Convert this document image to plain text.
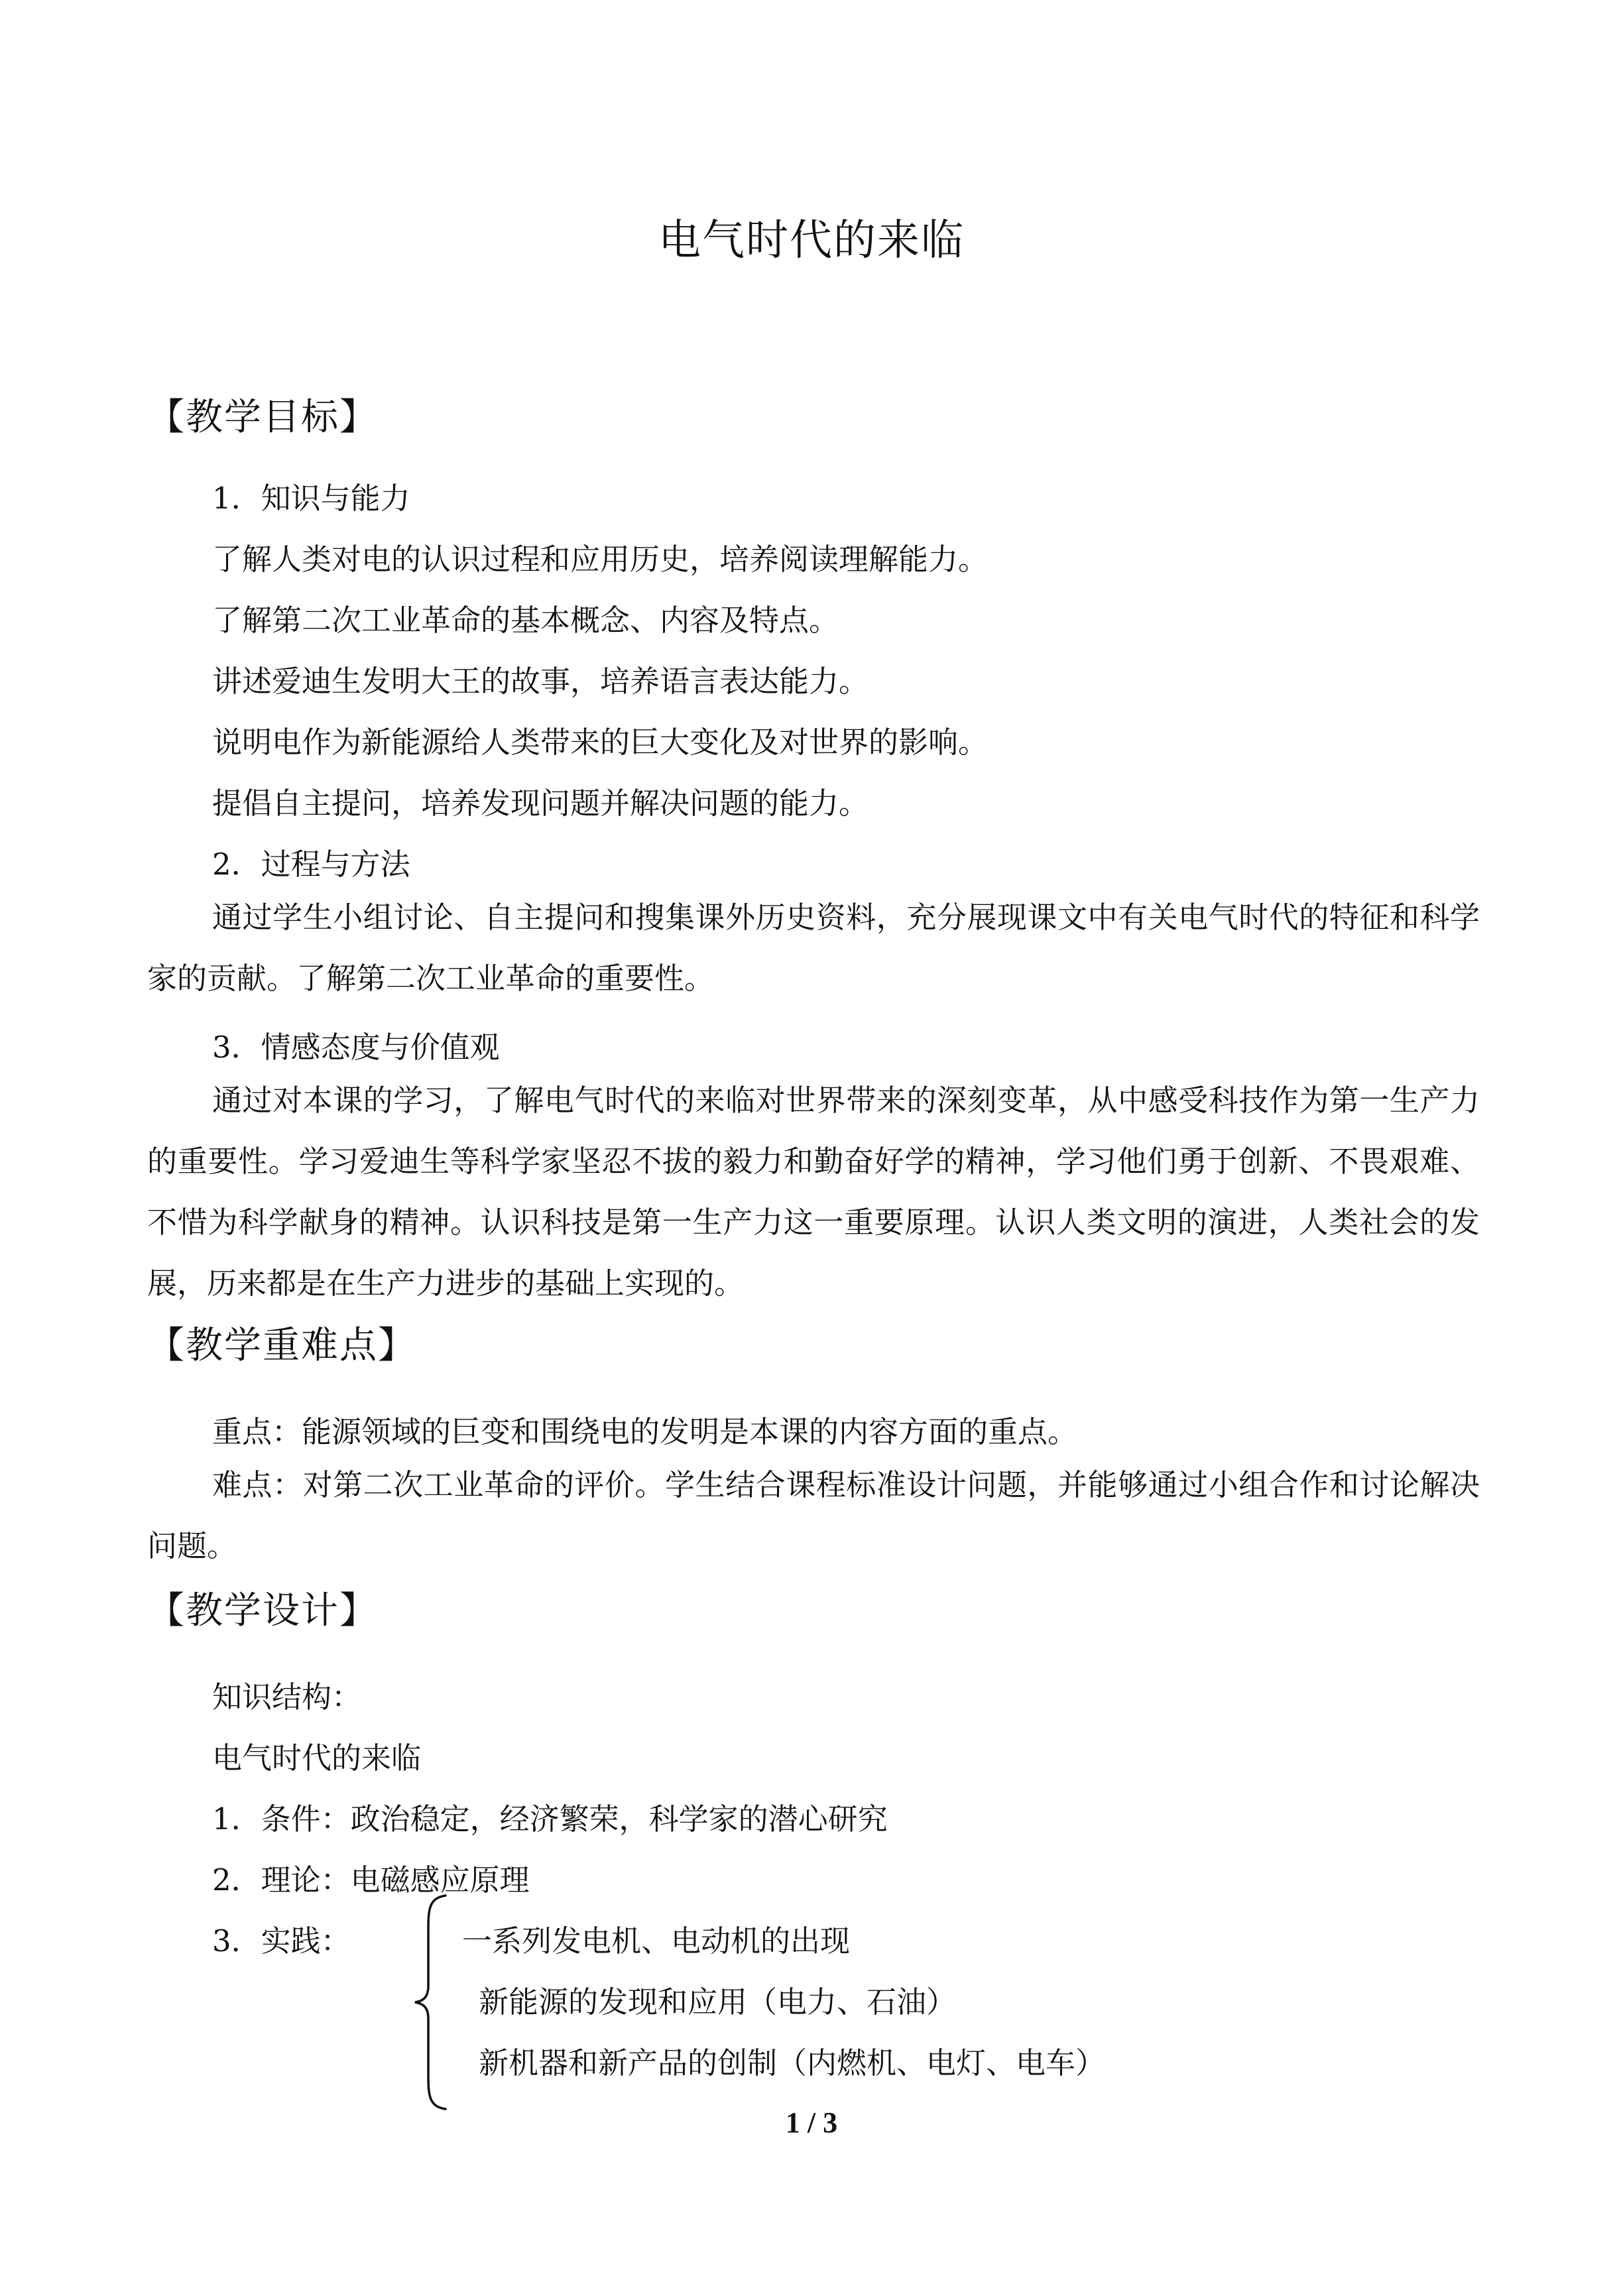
电气时代的来临
【教学目标】
1．知识与能力
了解人类对电的认识过程和应用历史，培养阅读理解能力。
了解第二次工业革命的基本概念、内容及特点。
讲述爱迪生发明大王的故事，培养语言表达能力。
说明电作为新能源给人类带来的巨大变化及对世界的影响。
提倡自主提问，培养发现问题并解决问题的能力。
2．过程与方法
通过学生小组讨论、自主提问和搜集课外历史资料，充分展现课文中有关电气时代的特征和科学家的贡献。了解第二次工业革命的重要性。
3．情感态度与价值观
通过对本课的学习，了解电气时代的来临对世界带来的深刻变革，从中感受科技作为第一生产力的重要性。学习爱迪生等科学家坚忍不拔的毅力和勤奋好学的精神，学习他们勇于创新、不畏艰难、不惜为科学献身的精神。认识科技是第一生产力这一重要原理。认识人类文明的演进，人类社会的发展，历来都是在生产力进步的基础上实现的。
【教学重难点】
重点：能源领域的巨变和围绕电的发明是本课的内容方面的重点。
难点：对第二次工业革命的评价。学生结合课程标准设计问题，并能够通过小组合作和讨论解决问题。
【教学设计】
知识结构：
电气时代的来临
1．条件：政治稳定，经济繁荣，科学家的潜心研究
2．理论：电磁感应原理
3．实践：	一系列发电机、电动机的出现
新能源的发现和应用（电力、石油）
新机器和新产品的创制（内燃机、电灯、电车）
1 / 3
